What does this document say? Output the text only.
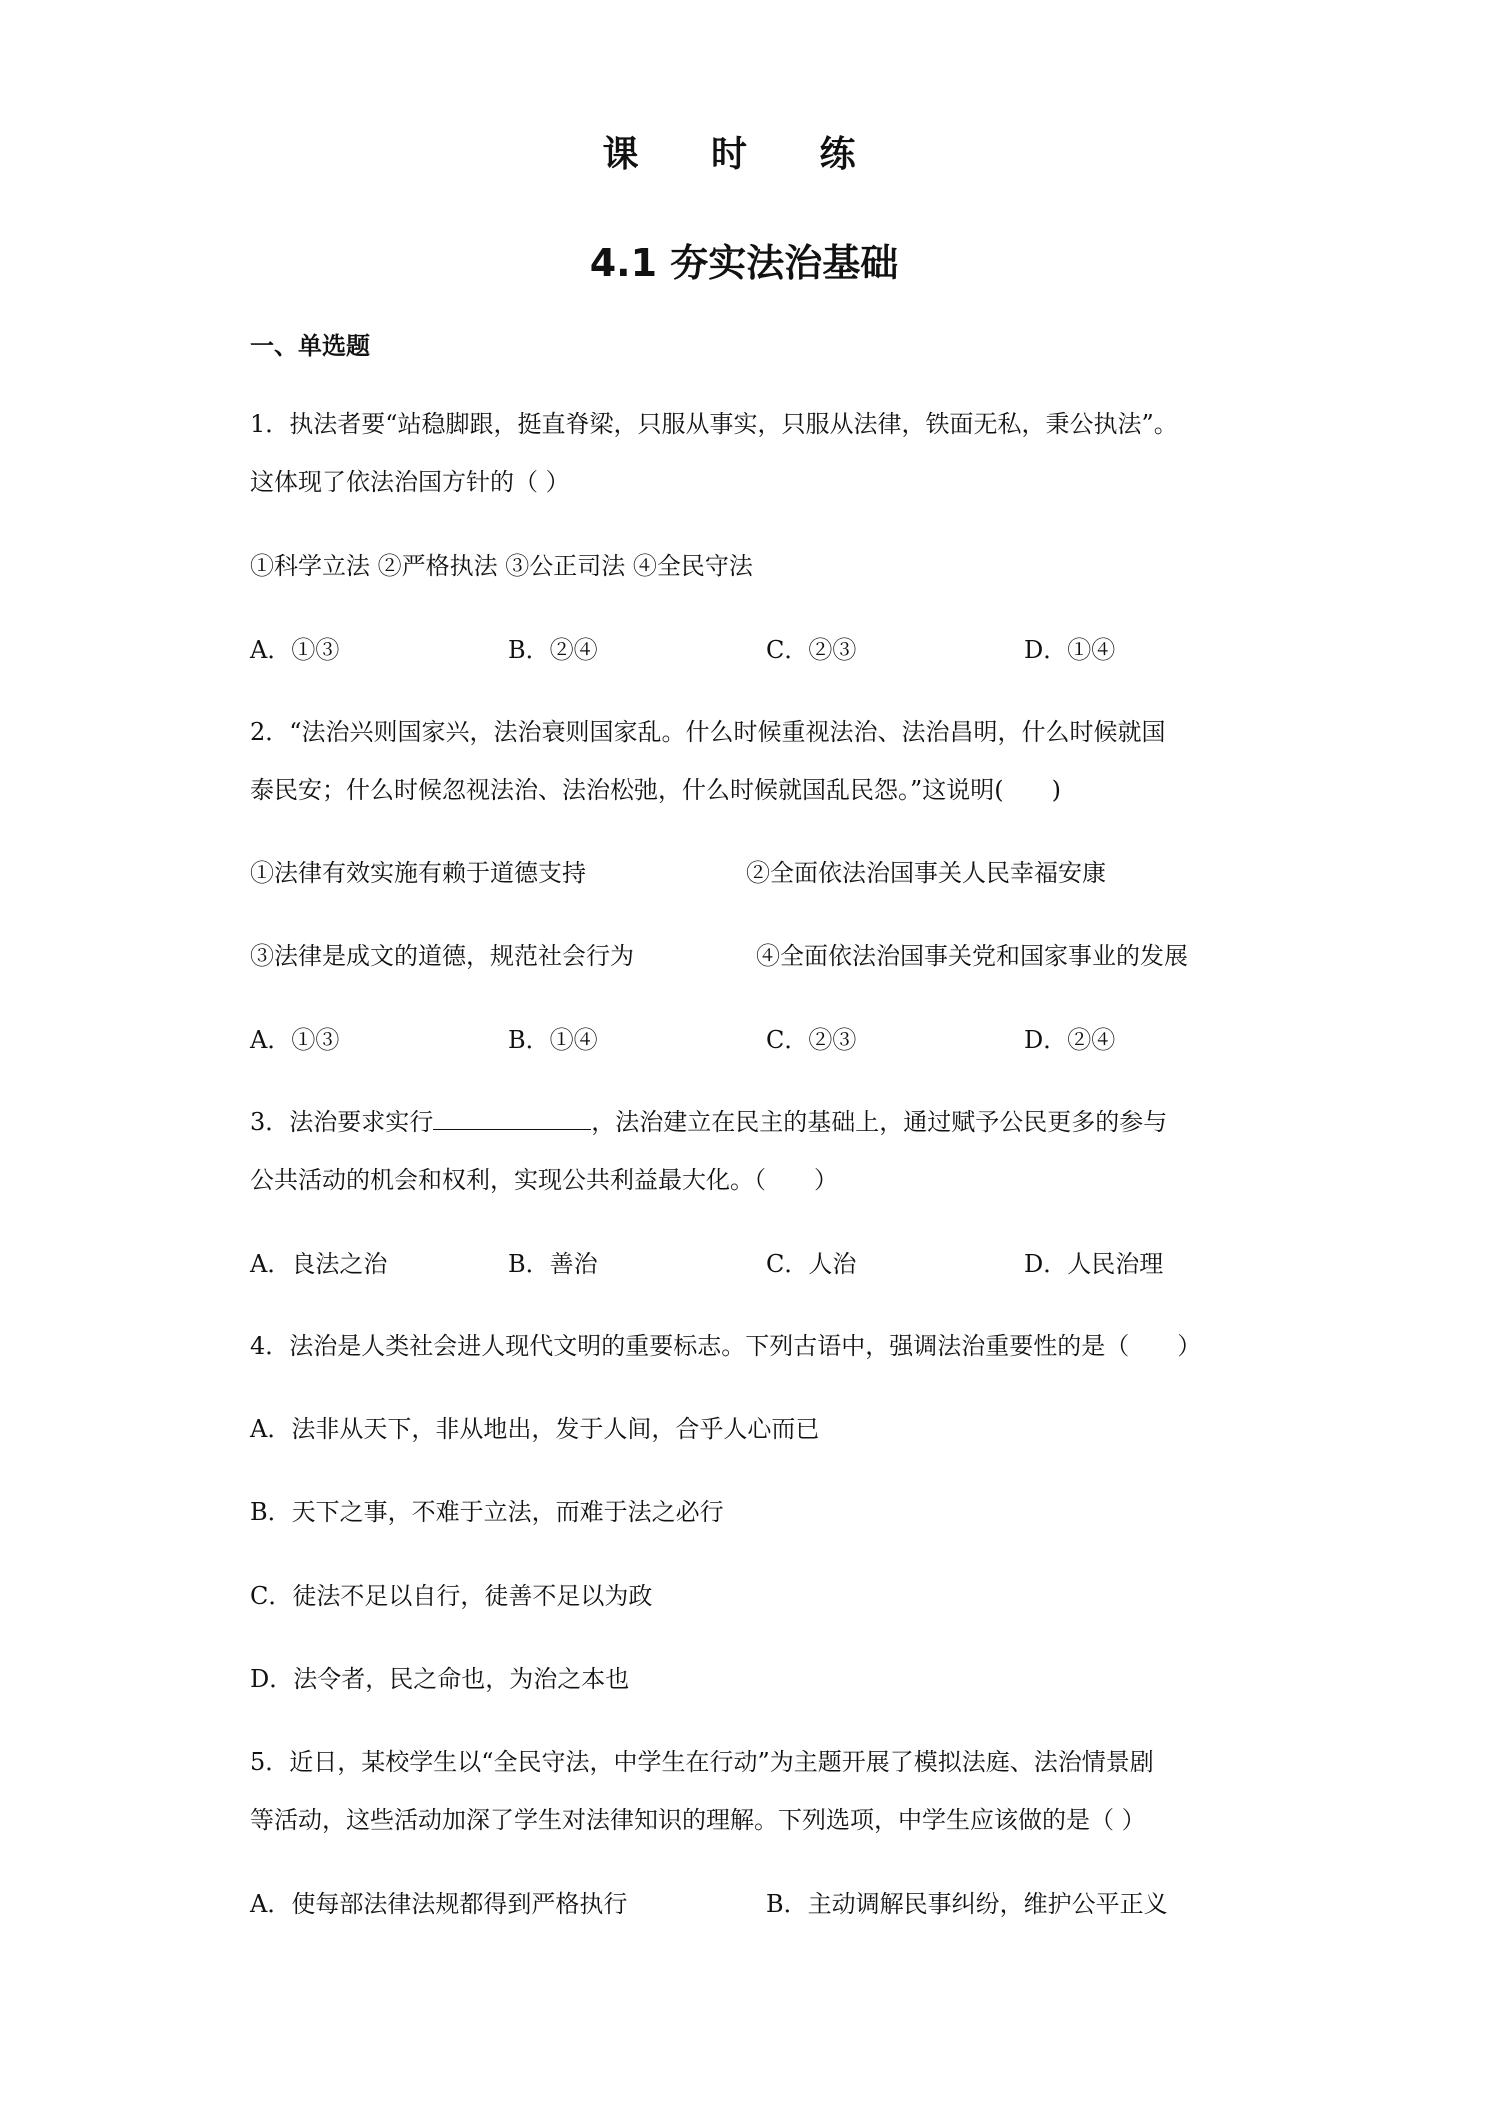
课 时 练
4.1 夯实法治基础
一、单选题
1．执法者要“站稳脚跟，挺直脊梁，只服从事实，只服从法律，铁面无私，秉公执法”。
这体现了依法治国方针的（ ）
①科学立法 ②严格执法 ③公正司法 ④全民守法
A．①③	B．②④	C．②③	D．①④
2．“法治兴则国家兴，法治衰则国家乱。什么时候重视法治、法治昌明，什么时候就国
泰民安；什么时候忽视法治、法治松弛，什么时候就国乱民怨。”这说明(　　)
①法律有效实施有赖于道德支持	②全面依法治国事关人民幸福安康
③法律是成文的道德，规范社会行为	④全面依法治国事关党和国家事业的发展
A．①③	B．①④	C．②③	D．②④
3．法治要求实行	，法治建立在民主的基础上，通过赋予公民更多的参与
公共活动的机会和权利，实现公共利益最大化。（　　）
A．良法之治	B．善治	C．人治	D．人民治理
4．法治是人类社会进人现代文明的重要标志。下列古语中，强调法治重要性的是（　　）
A．法非从天下，非从地出，发于人间，合乎人心而已
B．天下之事，不难于立法，而难于法之必行
C．徒法不足以自行，徒善不足以为政
D．法令者，民之命也，为治之本也
5．近日，某校学生以“全民守法，中学生在行动”为主题开展了模拟法庭、法治情景剧
等活动，这些活动加深了学生对法律知识的理解。下列选项，中学生应该做的是（ ）
A．使每部法律法规都得到严格执行	B．主动调解民事纠纷，维护公平正义
